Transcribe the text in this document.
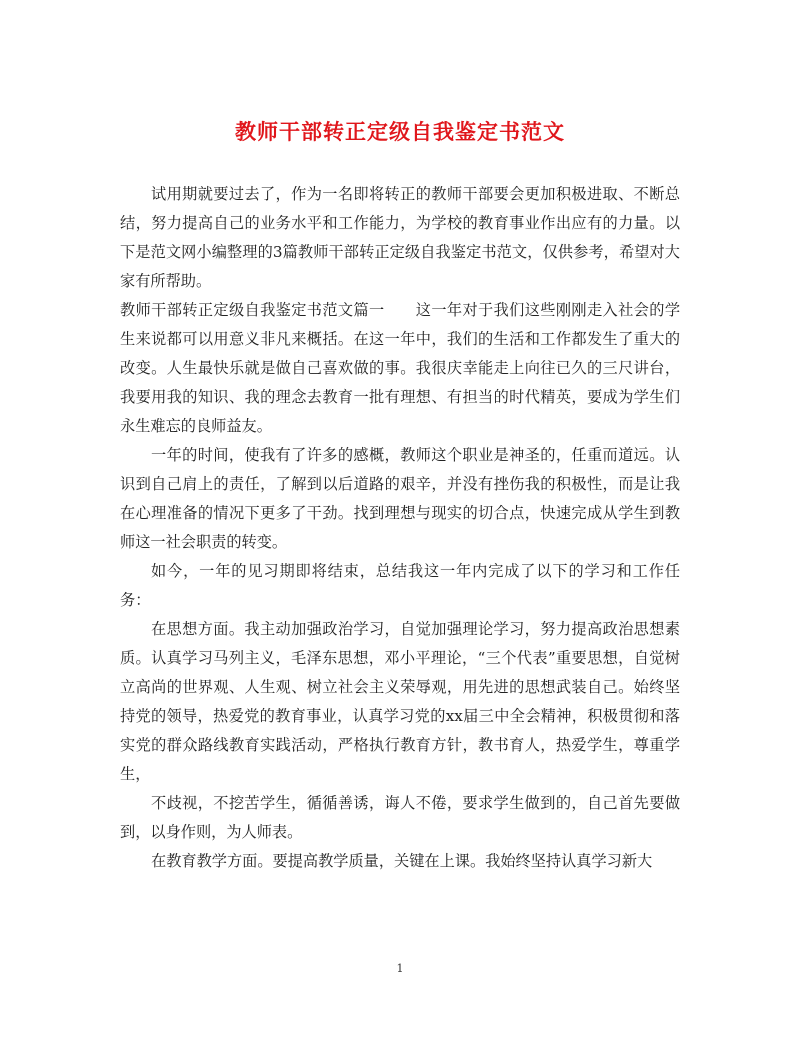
教师干部转正定级自我鉴定书范文

试用期就要过去了，作为一名即将转正的教师干部要会更加积极进取、不断总结，努力提高自己的业务水平和工作能力，为学校的教育事业作出应有的力量。以下是范文网小编整理的3篇教师干部转正定级自我鉴定书范文，仅供参考，希望对大家有所帮助。

教师干部转正定级自我鉴定书范文篇一　　这一年对于我们这些刚刚走入社会的学生来说都可以用意义非凡来概括。在这一年中，我们的生活和工作都发生了重大的改变。人生最快乐就是做自己喜欢做的事。我很庆幸能走上向往已久的三尺讲台，我要用我的知识、我的理念去教育一批有理想、有担当的时代精英，要成为学生们永生难忘的良师益友。

一年的时间，使我有了许多的感概，教师这个职业是神圣的，任重而道远。认识到自己肩上的责任，了解到以后道路的艰辛，并没有挫伤我的积极性，而是让我在心理准备的情况下更多了干劲。找到理想与现实的切合点，快速完成从学生到教师这一社会职责的转变。

如今，一年的见习期即将结束，总结我这一年内完成了以下的学习和工作任务：

在思想方面。我主动加强政治学习，自觉加强理论学习，努力提高政治思想素质。认真学习马列主义，毛泽东思想，邓小平理论，“三个代表”重要思想，自觉树立高尚的世界观、人生观、树立社会主义荣辱观，用先进的思想武装自己。始终坚持党的领导，热爱党的教育事业，认真学习党的xx届三中全会精神，积极贯彻和落实党的群众路线教育实践活动，严格执行教育方针，教书育人，热爱学生，尊重学生，

不歧视，不挖苦学生，循循善诱，诲人不倦，要求学生做到的，自己首先要做到，以身作则，为人师表。

在教育教学方面。要提高教学质量，关键在上课。我始终坚持认真学习新大

1
